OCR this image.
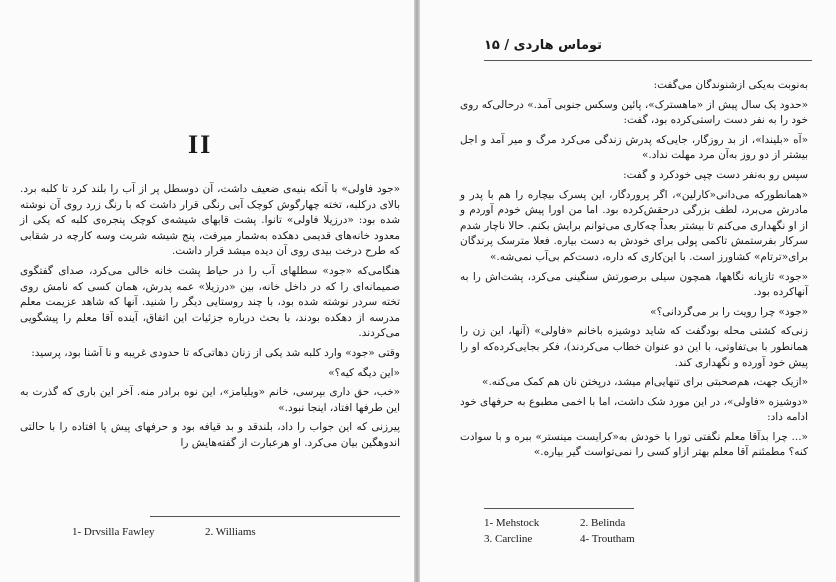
II

«جود فاولی» با آنکه بنیه‌ی ضعیف داشت، آن دوسطل پر از آب را بلند کرد تا کلبه برد. بالای درکلبه، تخته چهارگوش کوچک آبی رنگی قرار داشت که با رنگ زرد روی آن نوشته شده بود: «درزیلا فاولی» تانوا. پشت قابهای شیشه‌ی کوچک پنجره‌ی کلبه که یکی از معدود خانه‌های قدیمی دهکده به‌شمار میرفت، پنج شیشه شربت وسه کارچه در شقابی که طرح درخت بیدی روی آن دیده میشد قرار داشت.

هنگامی‌که «جود» سطلهای آب را در حیاط پشت خانه خالی می‌کرد، صدای گفتگوی صمیمانه‌ای را که در داخل خانه، بین «درزیلا» عمه پدرش، همان کسی که نامش روی تخته سردر نوشته شده بود، با چند روستایی دیگر را شنید. آنها که شاهد عزیمت معلم مدرسه از دهکده بودند، با بحث درباره جزئیات این اتفاق، آینده آقا معلم را پیشگویی می‌کردند.

وقتی «جود» وارد کلبه شد یکی از زنان دهاتی‌که تا حدودی غریبه و نا آشنا بود، پرسید:

«این دیگه کیه؟»

«خب، حق داری بپرسی، خانم «ویلیامز»، این نوه برادر منه. آخر این باری که گذرت به این طرفها افتاد، اینجا نبود.»

پیرزنی که این جواب را داد، بلندقد و بد قیافه بود و حرفهای پیش پا افتاده را با حالتی اندوهگین بیان می‌کرد. او هرعبارت از گفته‌هایش را

1- Drvsilla Fawley	2. Williams
توماس هاردی / ۱۵

به‌نوبت به‌یکی ازشنوندگان می‌گفت:

«حدود یک سال پیش از «ماهسترک»، پائین وسکس جنوبی آمد.» درحالی‌که روی خود را به نفر دست راستی‌کرده بود، گفت:

«آه «بلیندا»، از بد روزگار، جایی‌که پدرش زندگی می‌کرد مرگ و میر آمد و اجل بیشتر از دو روز به‌آن مرد مهلت نداد.»

سپس رو به‌نفر دست چپی خودکرد و گفت:

«همانطورکه می‌دانی«کارلین»، اگر پروردگار، این پسرک بیچاره را هم با پدر و مادرش می‌برد، لطف بزرگی درحقش‌کرده بود. اما من اورا پیش خودم آوردم و از او نگهداری می‌کنم تا بیشتر بعداً چه‌کاری می‌توانم برایش بکنم. حالا ناچار شدم سرکار بفرستمش تاکمی پولی برای خودش به دست بیاره. فعلا مترسک پرندگان برای«ترتام» کشاورز است. با این‌کاری که داره، دست‌کم بی‌آب نمی‌شه.»

«جود» تازیانه نگاهها، همچون سیلی برصورتش سنگینی می‌کرد، پشت‌اش را به آنها‌کرده بود.

«جود» چرا رویت را بر می‌گردانی؟»

زنی‌که کشتی محله بودگفت که شاید دوشیزه باخانم «فاولی» (آنها، این زن را همانطور با بی‌تفاوتی، با این دو عنوان خطاب می‌کردند)، فکر بجایی‌کرده‌که او را پیش خود آورده و نگهداری کند.

«ازیک جهت، هم‌صحبتی برای تنهایی‌ام میشد، درپختن نان هم کمک می‌کنه.»

«دوشیزه «فاولی»، در این مورد شک داشت، اما با اخمی مطبوع به حرفهای خود ادامه داد:

«... چرا بدآقا معلم نگفتی تورا با خودش به«کرایست مینستر» ببره و با سوادت کنه؟ مطمئنم آقا معلم بهتر ازاو کسی را نمی‌تواست گیر بیاره.»

1- Mehstock	2. Belinda
3. Carcline	4- Troutham
